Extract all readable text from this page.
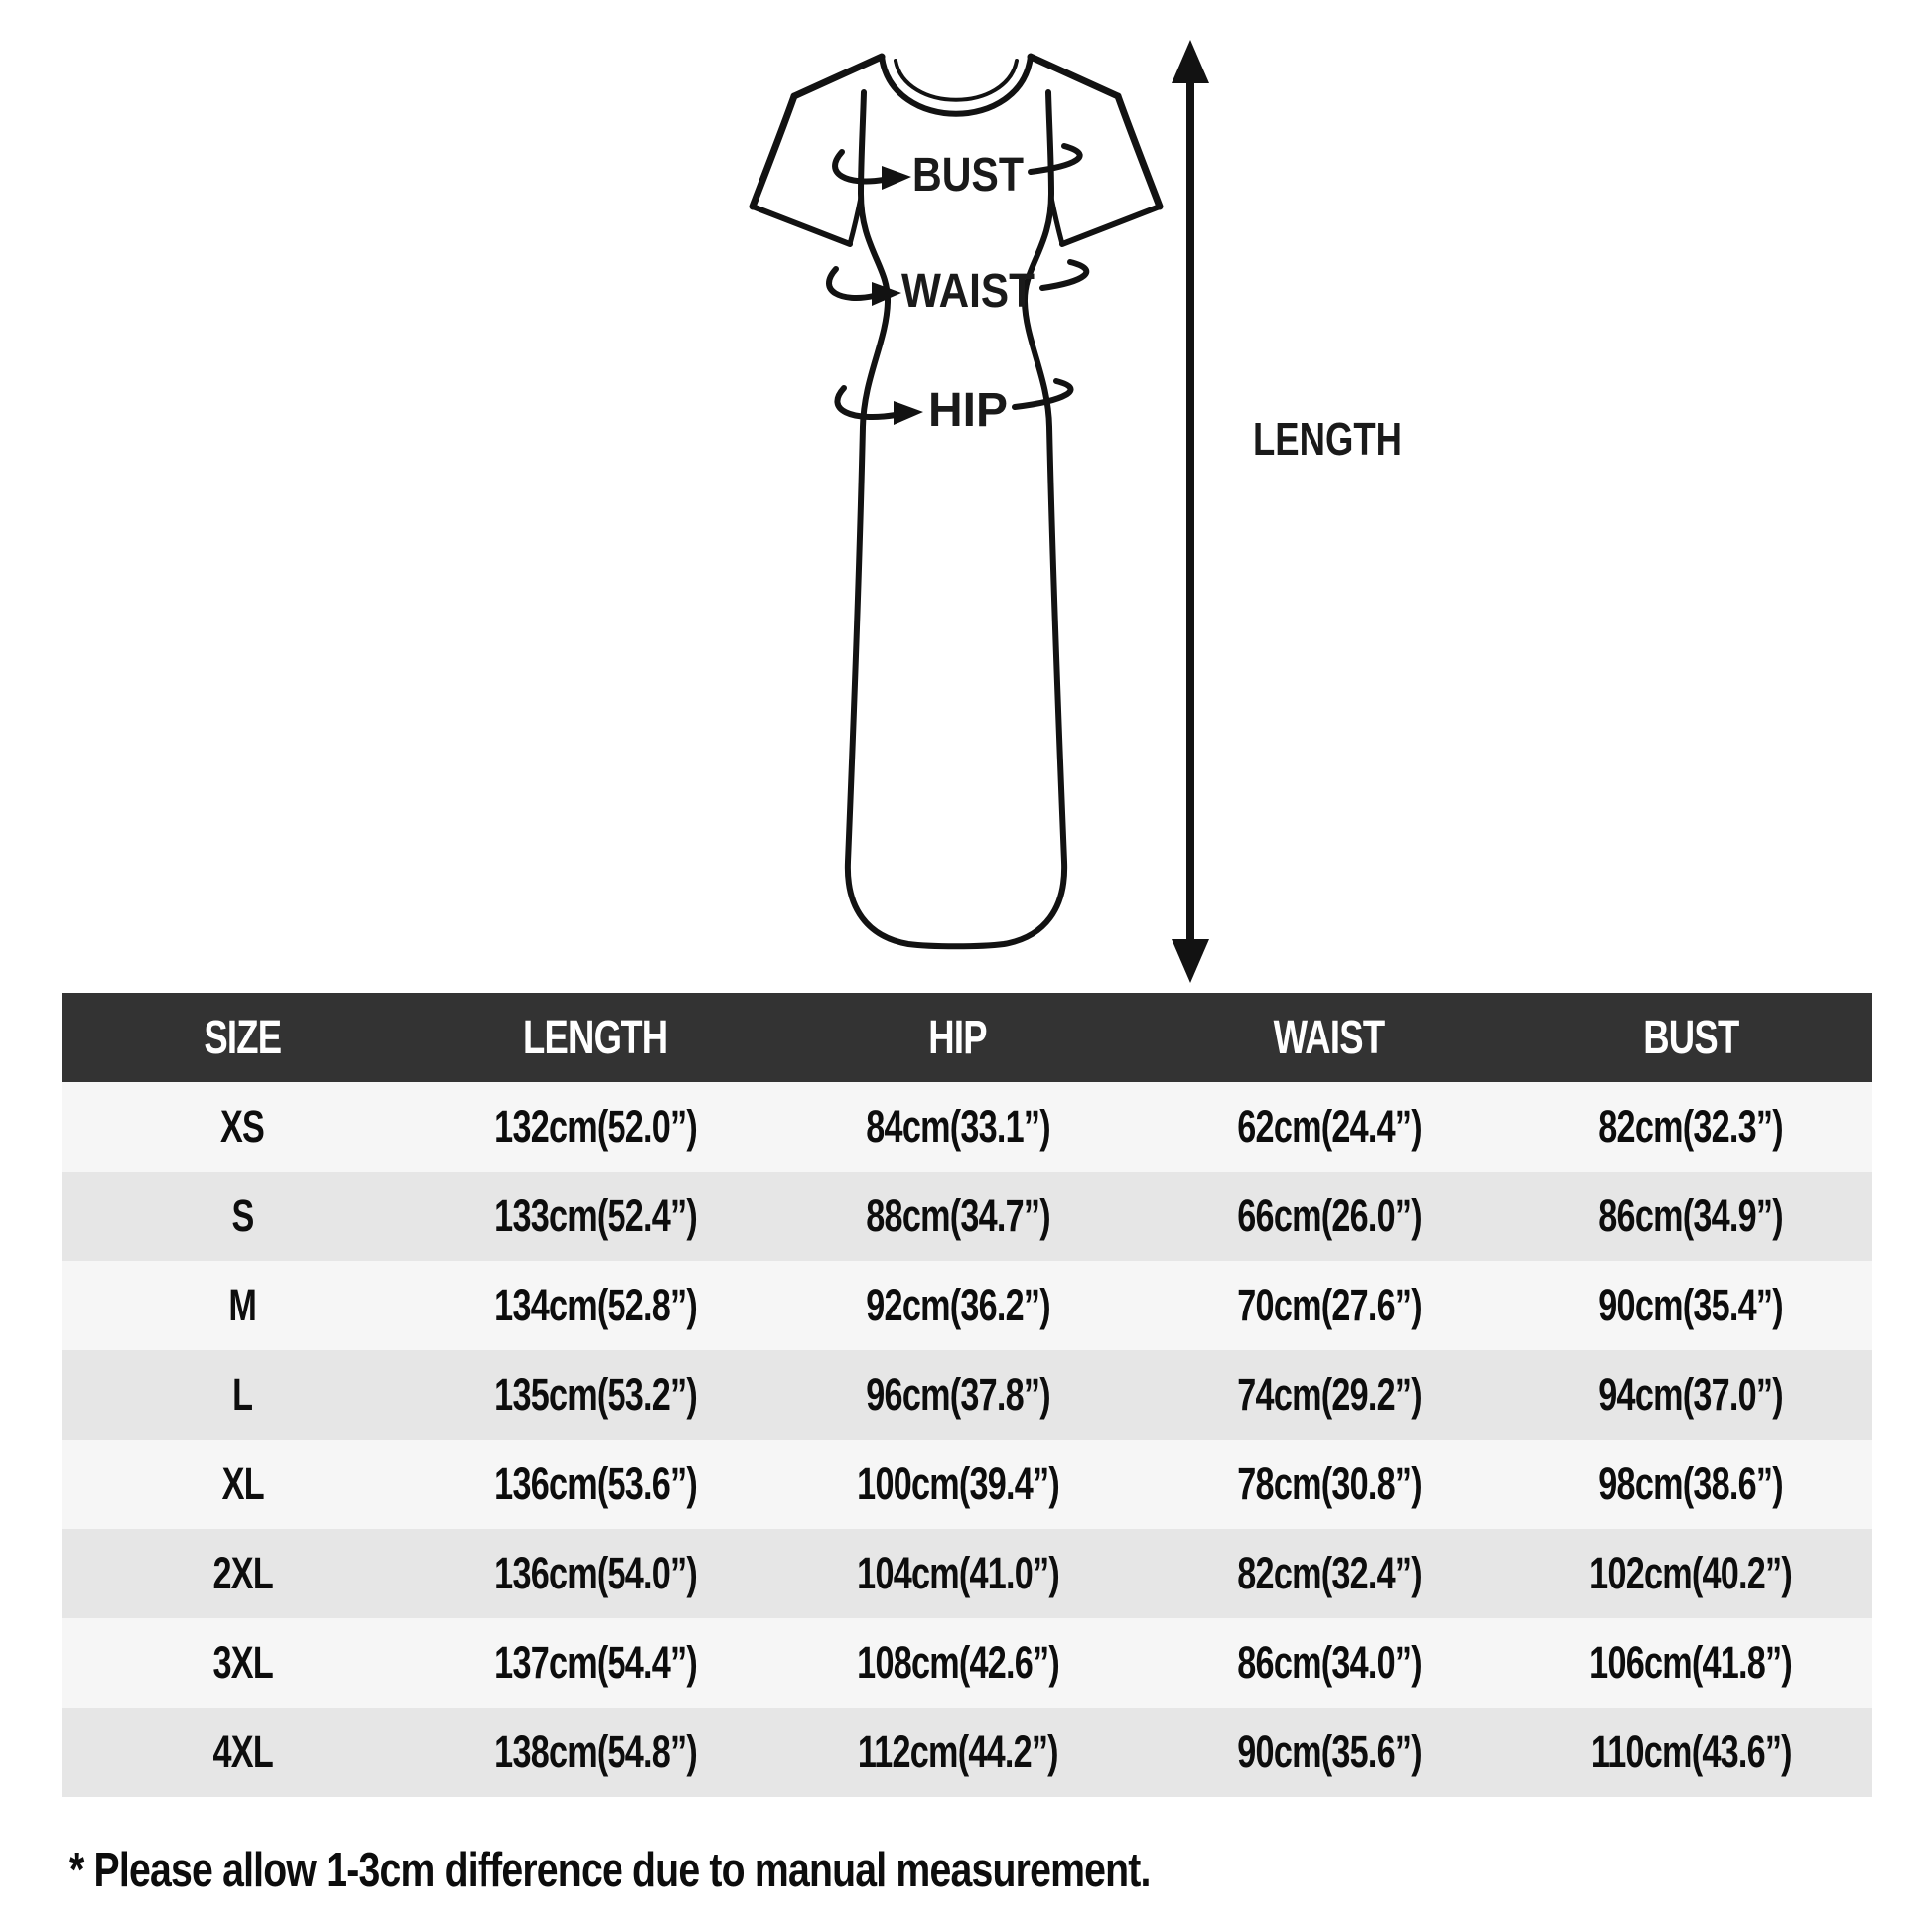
BUST
WAIST
HIP
LENGTH
SIZE	LENGTH	HIP	WAIST	BUST
XS	132cm(52.0”)	84cm(33.1”)	62cm(24.4”)	82cm(32.3”)
S	133cm(52.4”)	88cm(34.7”)	66cm(26.0”)	86cm(34.9”)
M	134cm(52.8”)	92cm(36.2”)	70cm(27.6”)	90cm(35.4”)
L	135cm(53.2”)	96cm(37.8”)	74cm(29.2”)	94cm(37.0”)
XL	136cm(53.6”)	100cm(39.4”)	78cm(30.8”)	98cm(38.6”)
2XL	136cm(54.0”)	104cm(41.0”)	82cm(32.4”)	102cm(40.2”)
3XL	137cm(54.4”)	108cm(42.6”)	86cm(34.0”)	106cm(41.8”)
4XL	138cm(54.8”)	112cm(44.2”)	90cm(35.6”)	110cm(43.6”)
* Please allow 1-3cm difference due to manual measurement.
